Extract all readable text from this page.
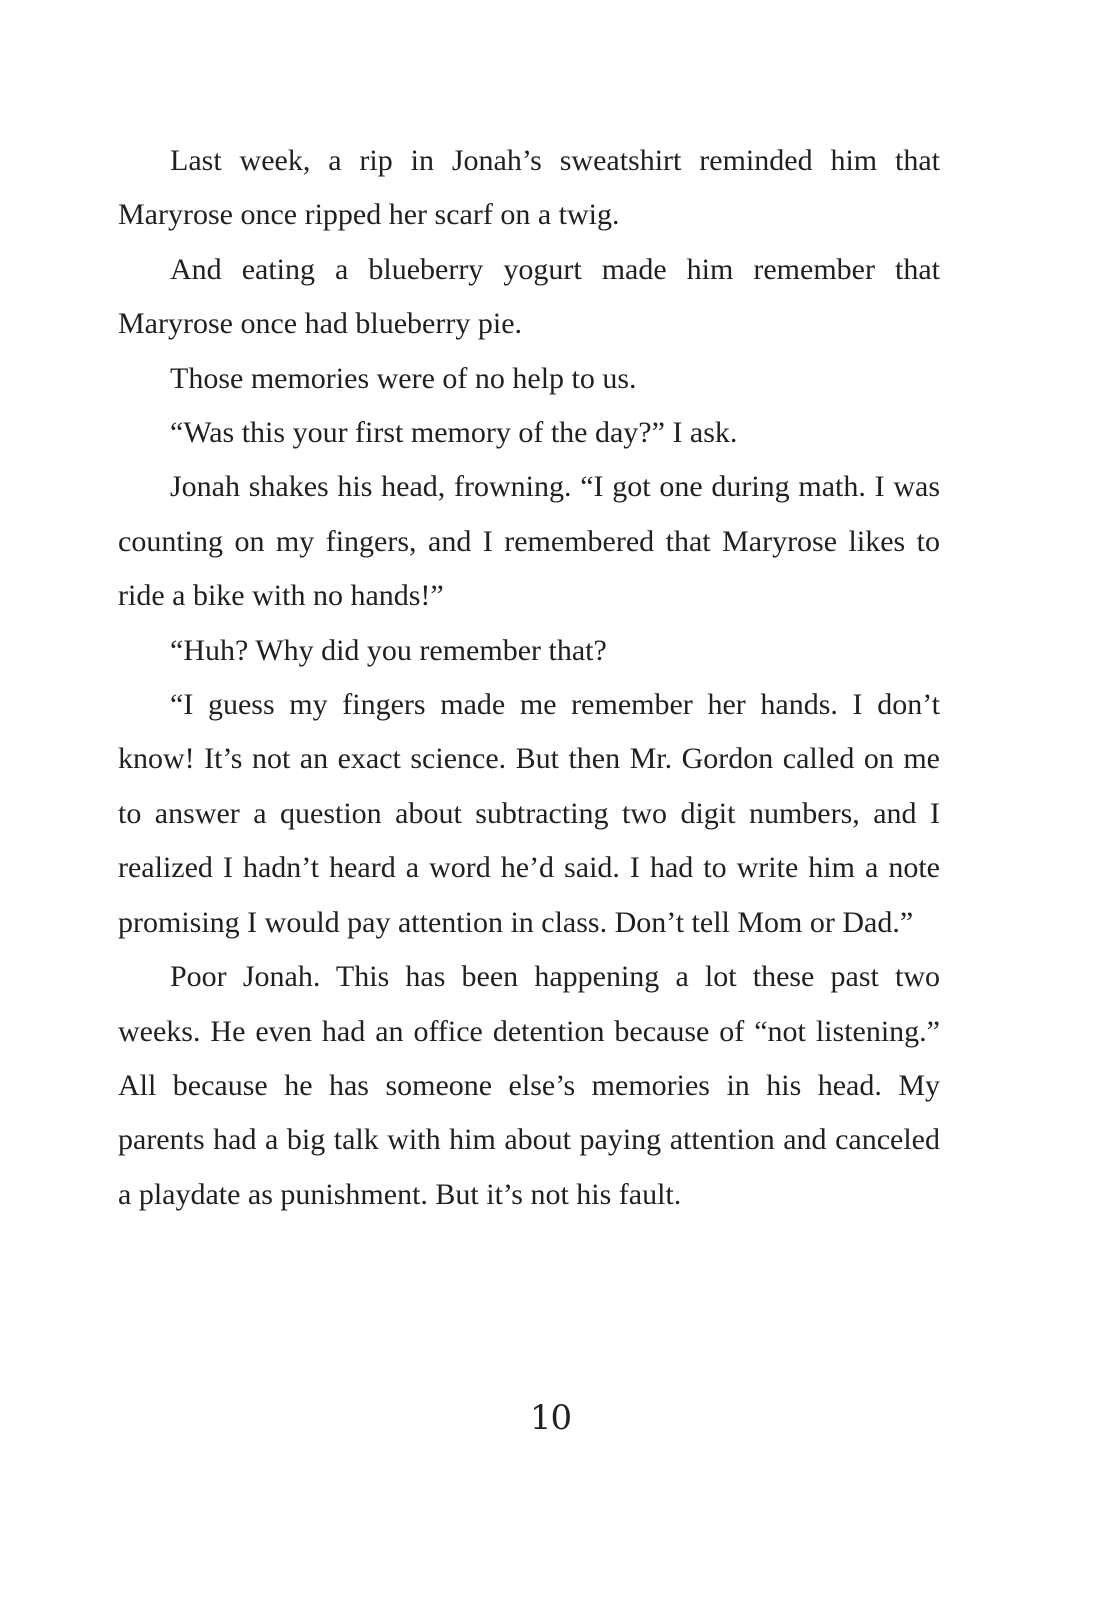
Last week, a rip in Jonah’s sweatshirt reminded him that Maryrose once ripped her scarf on a twig.

And eating a blueberry yogurt made him remember that Maryrose once had blueberry pie.

Those memories were of no help to us.

“Was this your first memory of the day?” I ask.

Jonah shakes his head, frowning. “I got one during math. I was counting on my fingers, and I remembered that Maryrose likes to ride a bike with no hands!”

“Huh? Why did you remember that?

“I guess my fingers made me remember her hands. I don’t know! It’s not an exact science. But then Mr. Gordon called on me to answer a question about subtracting two digit numbers, and I realized I hadn’t heard a word he’d said. I had to write him a note promising I would pay attention in class. Don’t tell Mom or Dad.”

Poor Jonah. This has been happening a lot these past two weeks. He even had an office detention because of “not listening.” All because he has someone else’s memories in his head. My parents had a big talk with him about paying attention and canceled a playdate as punishment. But it’s not his fault.

10
